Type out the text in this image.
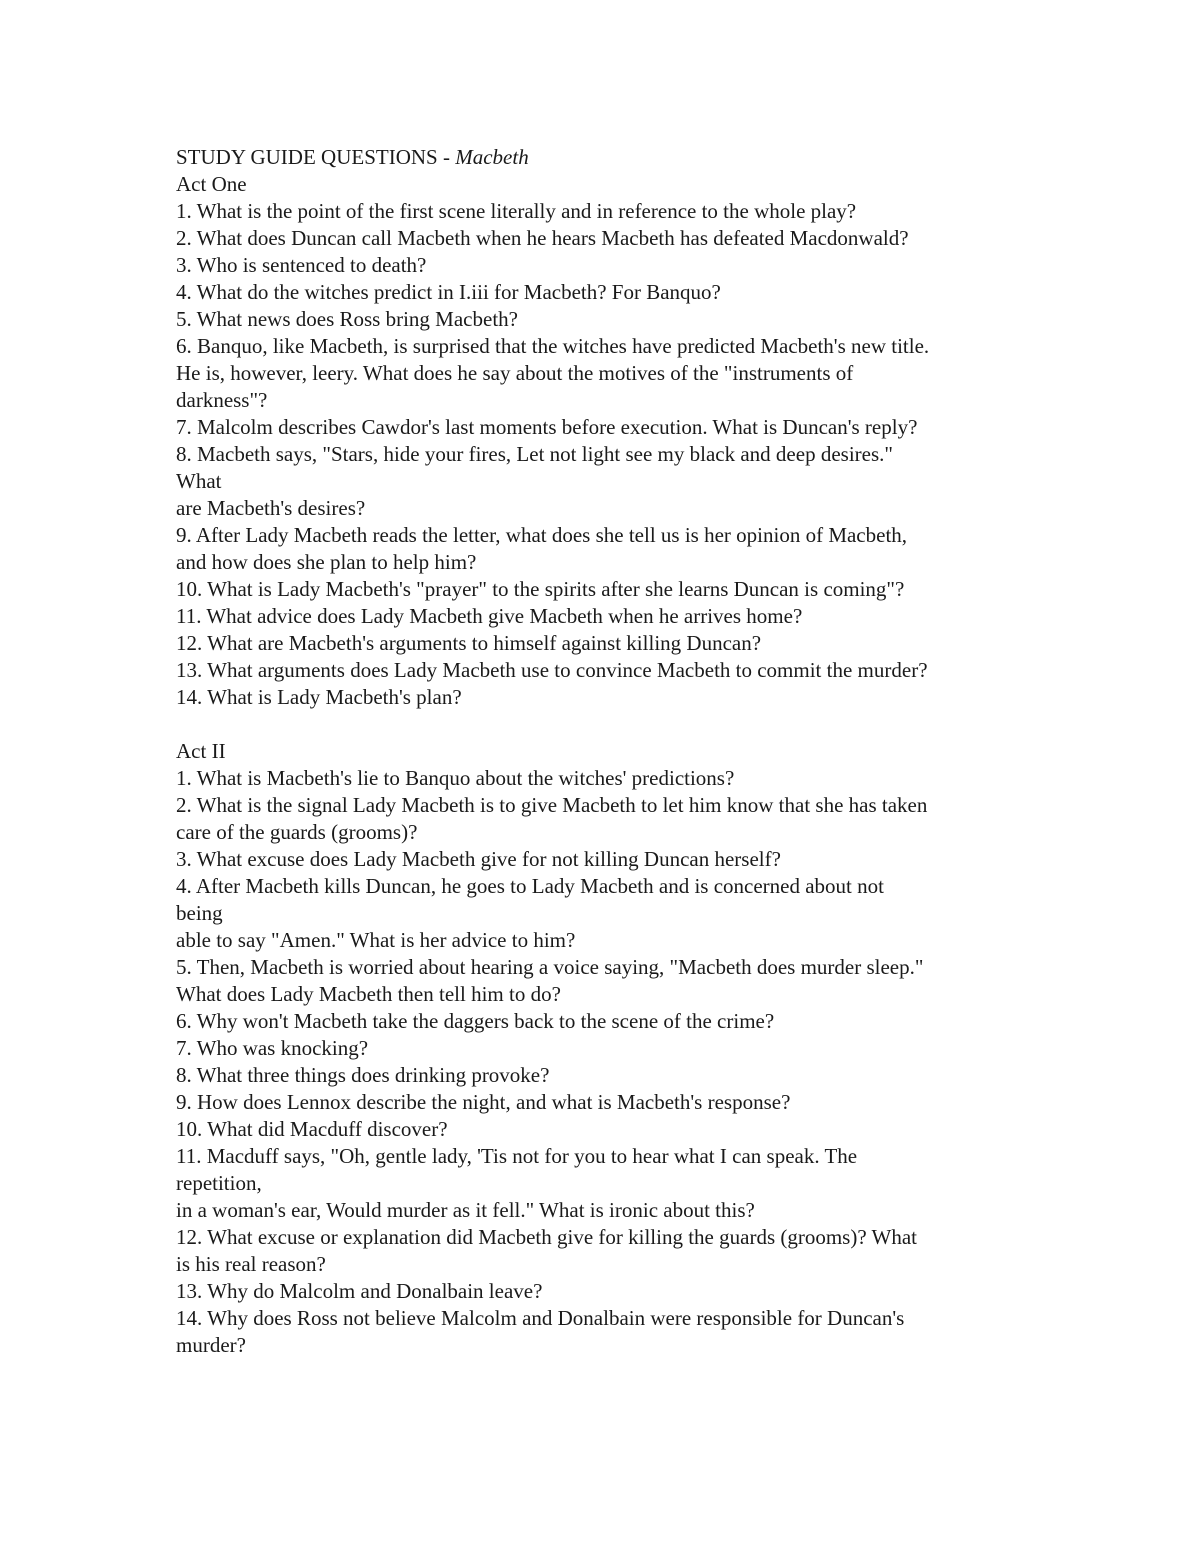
STUDY GUIDE QUESTIONS - Macbeth
Act One
1. What is the point of the first scene literally and in reference to the whole play?
2. What does Duncan call Macbeth when he hears Macbeth has defeated Macdonwald?
3. Who is sentenced to death?
4. What do the witches predict in I.iii for Macbeth? For Banquo?
5. What news does Ross bring Macbeth?
6. Banquo, like Macbeth, is surprised that the witches have predicted Macbeth's new title.
He is, however, leery. What does he say about the motives of the "instruments of
darkness"?
7. Malcolm describes Cawdor's last moments before execution. What is Duncan's reply?
8. Macbeth says, "Stars, hide your fires, Let not light see my black and deep desires."
What
are Macbeth's desires?
9. After Lady Macbeth reads the letter, what does she tell us is her opinion of Macbeth,
and how does she plan to help him?
10. What is Lady Macbeth's "prayer" to the spirits after she learns Duncan is coming"?
11. What advice does Lady Macbeth give Macbeth when he arrives home?
12. What are Macbeth's arguments to himself against killing Duncan?
13. What arguments does Lady Macbeth use to convince Macbeth to commit the murder?
14. What is Lady Macbeth's plan?
Act II
1. What is Macbeth's lie to Banquo about the witches' predictions?
2. What is the signal Lady Macbeth is to give Macbeth to let him know that she has taken
care of the guards (grooms)?
3. What excuse does Lady Macbeth give for not killing Duncan herself?
4. After Macbeth kills Duncan, he goes to Lady Macbeth and is concerned about not
being
able to say "Amen." What is her advice to him?
5. Then, Macbeth is worried about hearing a voice saying, "Macbeth does murder sleep."
What does Lady Macbeth then tell him to do?
6. Why won't Macbeth take the daggers back to the scene of the crime?
7. Who was knocking?
8. What three things does drinking provoke?
9. How does Lennox describe the night, and what is Macbeth's response?
10. What did Macduff discover?
11. Macduff says, "Oh, gentle lady, 'Tis not for you to hear what I can speak. The
repetition,
in a woman's ear, Would murder as it fell." What is ironic about this?
12. What excuse or explanation did Macbeth give for killing the guards (grooms)? What
is his real reason?
13. Why do Malcolm and Donalbain leave?
14. Why does Ross not believe Malcolm and Donalbain were responsible for Duncan's
murder?
